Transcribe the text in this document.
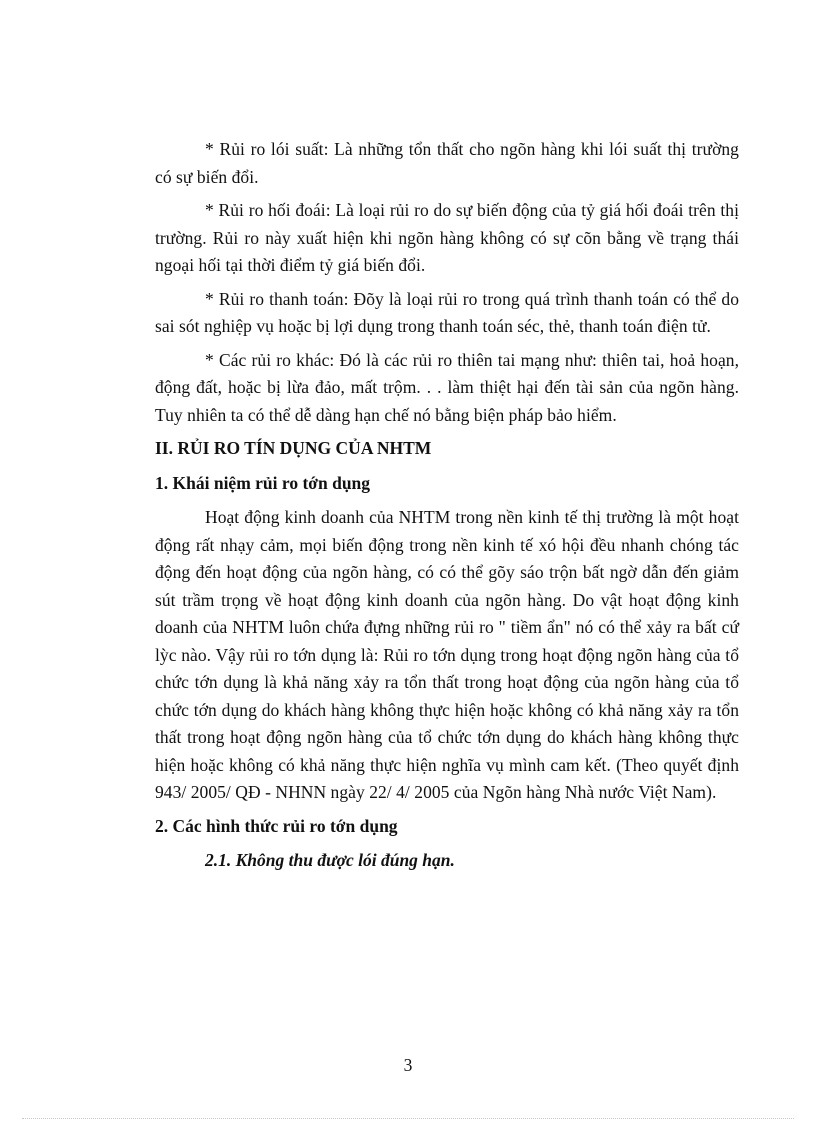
* Rủi ro lói suất: Là những tổn thất cho ngõn hàng khi lói suất thị trường có sự biến đổi.

* Rủi ro hối đoái: Là loại rủi ro do sự biến động của tỷ giá hối đoái trên thị trường. Rủi ro này xuất hiện khi ngõn hàng không có sự cõn bằng về trạng thái ngoại hối tại thời điểm tỷ giá biến đổi.

* Rủi ro thanh toán: Đõy là loại rủi ro trong quá trình thanh toán có thể do sai sót nghiệp vụ hoặc bị lợi dụng trong thanh toán séc, thẻ, thanh toán điện tử.

* Các rủi ro khác: Đó là các rủi ro thiên tai mạng như: thiên tai, hoả hoạn, động đất, hoặc bị lừa đảo, mất trộm. . . làm thiệt hại đến tài sản của ngõn hàng. Tuy nhiên ta có thể dễ dàng hạn chế nó bằng biện pháp bảo hiểm.

II. RỦI RO TÍN DỤNG CỦA NHTM
1. Khái niệm rủi ro tớn dụng

Hoạt động kinh doanh của NHTM trong nền kinh tế thị trường là một hoạt động rất nhạy cảm, mọi biến động trong nền kinh tế xó hội đều nhanh chóng tác động đến hoạt động của ngõn hàng, có có thể gõy sáo trộn bất ngờ dẫn đến giảm sút trầm trọng về hoạt động kinh doanh của ngõn hàng. Do vật hoạt động kinh doanh của NHTM luôn chứa đựng những rủi ro " tiềm ẩn" nó có thể xảy ra bất cứ lỳc nào. Vậy rủi ro tớn dụng là: Rủi ro tớn dụng trong hoạt động ngõn hàng của tổ chức tớn dụng là khả năng xảy ra tổn thất trong hoạt động của ngõn hàng của tổ chức tớn dụng do khách hàng không thực hiện hoặc không có khả năng xảy ra tổn thất trong hoạt động ngõn hàng của tổ chức tớn dụng do khách hàng không thực hiện hoặc không có khả năng thực hiện nghĩa vụ mình cam kết. (Theo quyết định 943/ 2005/ QĐ - NHNN ngày 22/ 4/ 2005 của Ngõn hàng Nhà nước Việt Nam).

2. Các hình thức rủi ro tớn dụng
2.1. Không thu được lói đúng hạn.
3
